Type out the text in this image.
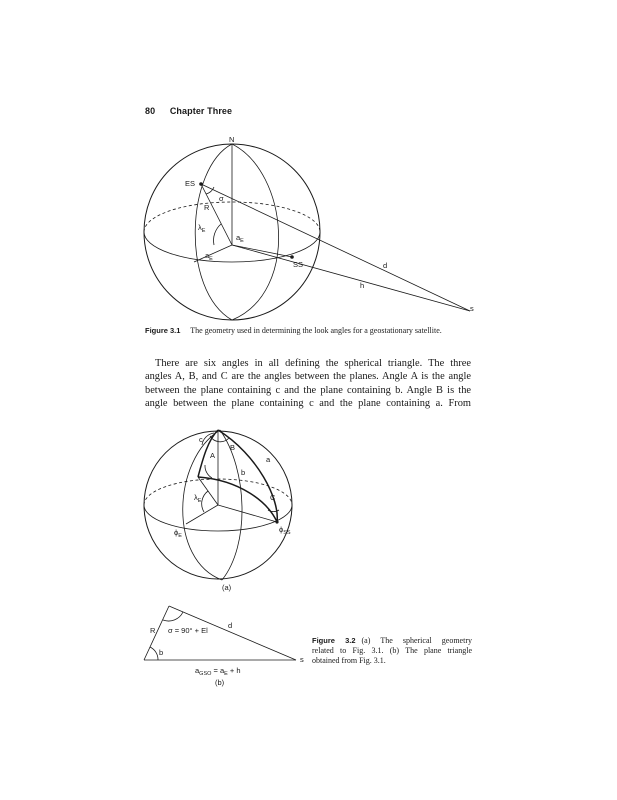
80 Chapter Three
N
ES
R
σ
$\lambda_E$
$a_E$
$a_E$
SS	d
h
s
Figure 3.1 The geometry used in determining the look angles for a geostationary satellite.
There are six angles in all defining the spherical triangle. The three
angles A, B, and C are the angles between the planes. Angle A is the angle
between the plane containing c and the plane containing b. Angle B is the
angle between the plane containing c and the plane containing a. From
c
A
B
a
b
C
$\lambda_E$
$\phi_E$
$\phi_{SS}$
(a)
R σ = 90° + El
d
b
s
$a_{GSO} = a_E + h$
(b)
Figure 3.2 (a) The spherical geometry
related to Fig. 3.1. (b) The plane triangle
obtained from Fig. 3.1.
